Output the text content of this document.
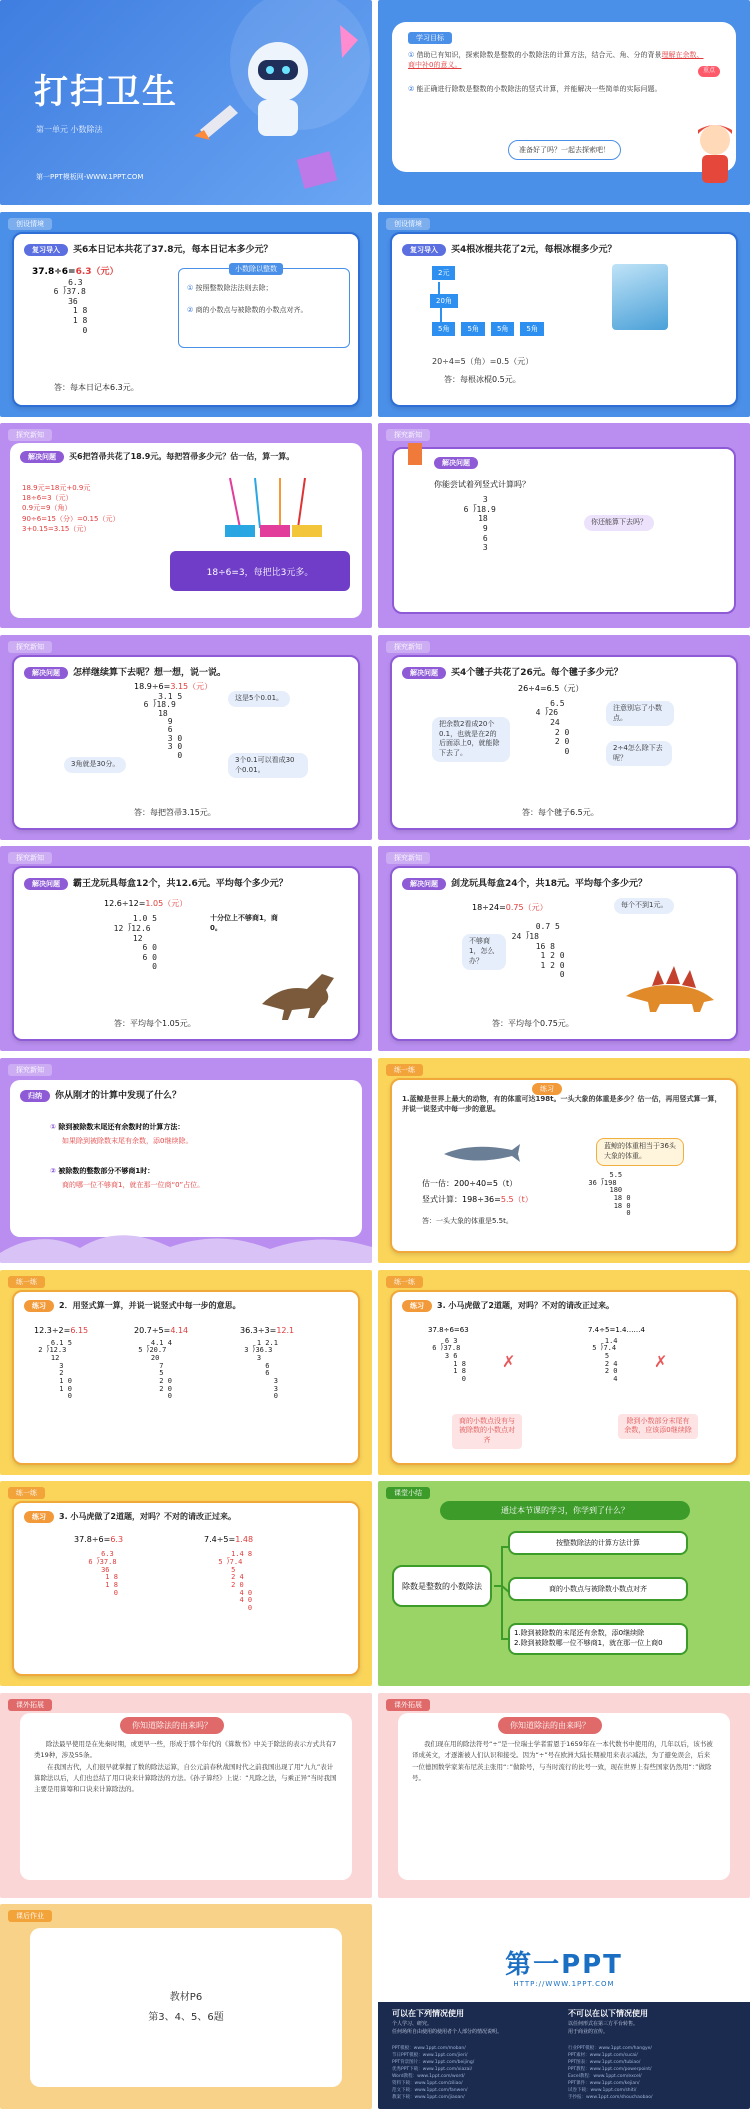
打扫卫生
第一单元 小数除法
第一PPT模板网-WWW.1PPT.COM
学习目标
① 借助已有知识，探索除数是整数的小数除法的计算方法，结合元、角、分的背景理解在余数、商中补0的意义。
重点
② 能正确进行除数是整数的小数除法的竖式计算，并能解决一些简单的实际问题。
准备好了吗？一起去探索吧！
创设情境
复习导入 买6本日记本共花了37.8元，每本日记本多少元？
37.8÷6=6.3（元）
6.3
6 ⟌37.8
36
1 8
1 8
0
小数除以整数
① 按照整数除法法则去除；
② 商的小数点与被除数的小数点对齐。
答：每本日记本6.3元。
创设情境
复习导入 买4根冰棍共花了2元，每根冰棍多少元？
2元
20角
5角	5角	5角	5角
20÷4=5（角）=0.5（元）
答：每根冰棍0.5元。
探究新知
解决问题 买6把笤帚共花了18.9元。每把笤帚多少元？估一估，算一算。
18.9元=18元+0.9元
18÷6=3（元）
0.9元=9（角）
90÷6=15（分）=0.15（元）
3+0.15=3.15（元）
18÷6=3，每把比3元多。
探究新知
解决问题
你能尝试着列竖式计算吗？
3
6 ⟌18.9
18
9
6
3
你还能算下去吗？
探究新知
解决问题 怎样继续算下去呢？想一想，说一说。
18.9÷6=3.15（元）
3.1 5
6 ⟌18.9
18
9
6
3 0
3 0
0
这是5个0.01。
3角就是30分。	3个0.1可以看成30个0.01。
答：每把笤帚3.15元。
探究新知
解决问题 买4个毽子共花了26元。每个毽子多少元？
26÷4=6.5（元）
6.5
4 ⟌26
24
2 0
2 0
0
把余数2看成20个0.1，也就是在2的后面添上0，就能除下去了。
注意别忘了小数点。
2÷4怎么除下去呢？
答：每个毽子6.5元。
探究新知
解决问题 霸王龙玩具每盒12个，共12.6元。平均每个多少元？
12.6÷12=1.05（元）
1.0 5
12 ⟌12.6
12
6 0
6 0
0
十分位上不够商1，商0。
答：平均每个1.05元。
探究新知
解决问题 剑龙玩具每盒24个，共18元。平均每个多少元？
18÷24=0.75（元）	每个不到1元。
不够商1，怎么办？
0.7 5
24 ⟌18
16 8
1 2 0
1 2 0
0
答：平均每个0.75元。
探究新知
归纳 你从刚才的计算中发现了什么？
① 除到被除数末尾还有余数时的计算方法：
如果除到被除数末尾有余数，添0继续除。
② 被除数的整数部分不够商1时：
商的哪一位不够商1，就在那一位商“0”占位。
练一练
练习
1.蓝鲸是世界上最大的动物，有的体重可达198t。一头大象的体重是多少？估一估，再用竖式算一算，并说一说竖式中每一步的意思。
蓝鲸的体重相当于36头大象的体重。
估一估：200÷40=5（t）
竖式计算：198÷36=5.5（t）
5.5
36 ⟌198
180
18 0
18 0
0
答：一头大象的体重是5.5t。
练一练
练习 2．用竖式算一算，并说一说竖式中每一步的意思。
12.3÷2=6.15	20.7÷5=4.14	36.3÷3=12.1
6.1 5
2 ⟌12.3
12
3
2
1 0
1 0
0
4.1 4
5 ⟌20.7
20
7
5
2 0
2 0
0
1 2.1
3 ⟌36.3
3
6
6
3
3
0
练一练
练习 3. 小马虎做了2道题，对吗？不对的请改正过来。
37.8÷6=63	7.4÷5=1.4……4
6 3
6 ⟌37.8
3 6
1 8
1 8
0
1.4
5 ⟌7.4
5
2 4
2 0
4
✗	✗
商的小数点没有与被除数的小数点对齐
除到小数部分末尾有余数，应该添0继续除
练一练
练习 3. 小马虎做了2道题，对吗？不对的请改正过来。
37.8÷6=6.3	7.4÷5=1.48
6.3
6 ⟌37.8
36
1 8
1 8
0
1.4 8
5 ⟌7.4
5
2 4
2 0
4 0
4 0
0
课堂小结
通过本节课的学习，你学到了什么？
除数是整数的小数除法
按整数除法的计算方法计算
商的小数点与被除数小数点对齐
1.除到被除数的末尾还有余数，添0继续除
2.除到被除数哪一位不够商1，就在那一位上商0
课外拓展
你知道除法的由来吗？
除法最早使用是在先秦时期，或更早一些，形成于那个年代的《算数书》中关于除法的表示方式共有7类19种，涉及55条。
　　在我国古代，人们很早就掌握了数的除法运算，自公元前春秋战国时代之前我国出现了用“九九”表计算除法以后，人们也总结了用口诀来计算除法的方法。《孙子算经》上说：“凡除之法，与乘正异”当时我国主要是用算筹和口诀来计算除法的。
课外拓展
你知道除法的由来吗？
我们现在用的除法符号“÷”是一位瑞士学者雷恩于1659年在一本代数书中使用的，几年以后，该书被译成英文，才逐渐被人们认识和接受。因为“÷”号在欧洲大陆长期被用来表示减法，为了避免误会，后来一位德国数学家莱布尼茨主张用“：”做除号，与当时流行的比号一致，现在世界上有些国家仍然用“：”做除号。
课后作业
教材P6
第3、4、5、6题
第一PPT
HTTP://WWW.1PPT.COM
可以在下列情况使用
个人学习、研究。
任何场所自由使用的使用者个人部分的情况说明。
不可以在以下情况使用
以任何形式在第三方平台转售。
用于商业的宣传。
PPT模板：www.1ppt.com/moban/
节日PPT模板：www.1ppt.com/jieri/
PPT背景图片：www.1ppt.com/beijing/
优秀PPT下载：www.1ppt.com/xiazai/
Word教程：www.1ppt.com/word/
资料下载：www.1ppt.com/ziliao/
范文下载：www.1ppt.com/fanwen/
教案下载：www.1ppt.com/jiaoan/
行业PPT模板：www.1ppt.com/hangye/
PPT素材：www.1ppt.com/sucai/
PPT图表：www.1ppt.com/tubiao/
PPT教程：www.1ppt.com/powerpoint/
Excel教程：www.1ppt.com/excel/
PPT课件：www.1ppt.com/kejian/
试卷下载：www.1ppt.com/shiti/
手抄报：www.1ppt.com/shouchaobao/
